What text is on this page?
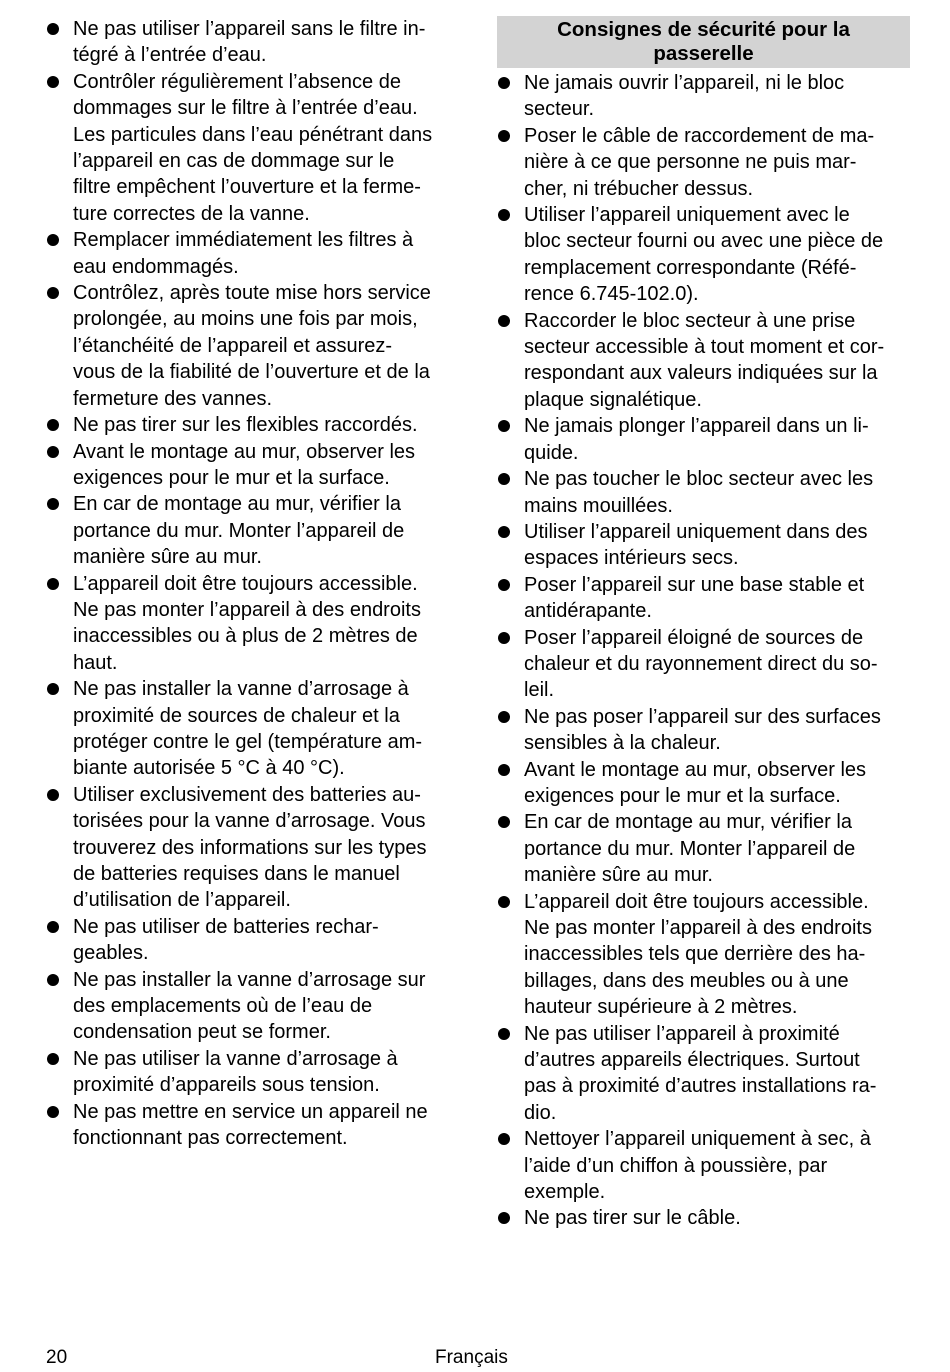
Ne pas utiliser l’appareil sans le filtre in-
tégré à l’entrée d’eau.
Contrôler régulièrement l’absence de
dommages sur le filtre à l’entrée d’eau.
Les particules dans l’eau pénétrant dans
l’appareil en cas de dommage sur le
filtre empêchent l’ouverture et la ferme-
ture correctes de la vanne.
Remplacer immédiatement les filtres à
eau endommagés.
Contrôlez, après toute mise hors service
prolongée, au moins une fois par mois,
l’étanchéité de l’appareil et assurez-
vous de la fiabilité de l’ouverture et de la
fermeture des vannes.
Ne pas tirer sur les flexibles raccordés.
Avant le montage au mur, observer les
exigences pour le mur et la surface.
En car de montage au mur, vérifier la
portance du mur. Monter l’appareil de
manière sûre au mur.
L’appareil doit être toujours accessible.
Ne pas monter l’appareil à des endroits
inaccessibles ou à plus de 2 mètres de
haut.
Ne pas installer la vanne d’arrosage à
proximité de sources de chaleur et la
protéger contre le gel (température am-
biante autorisée 5 °C à 40 °C).
Utiliser exclusivement des batteries au-
torisées pour la vanne d’arrosage. Vous
trouverez des informations sur les types
de batteries requises dans le manuel
d’utilisation de l’appareil.
Ne pas utiliser de batteries rechar-
geables.
Ne pas installer la vanne d’arrosage sur
des emplacements où de l’eau de
condensation peut se former.
Ne pas utiliser la vanne d’arrosage à
proximité d’appareils sous tension.
Ne pas mettre en service un appareil ne
fonctionnant pas correctement.
Consignes de sécurité pour la
passerelle
Ne jamais ouvrir l’appareil, ni le bloc
secteur.
Poser le câble de raccordement de ma-
nière à ce que personne ne puis mar-
cher, ni trébucher dessus.
Utiliser l’appareil uniquement avec le
bloc secteur fourni ou avec une pièce de
remplacement correspondante (Réfé-
rence 6.745-102.0).
Raccorder le bloc secteur à une prise
secteur accessible à tout moment et cor-
respondant aux valeurs indiquées sur la
plaque signalétique.
Ne jamais plonger l’appareil dans un li-
quide.
Ne pas toucher le bloc secteur avec les
mains mouillées.
Utiliser l’appareil uniquement dans des
espaces intérieurs secs.
Poser l’appareil sur une base stable et
antidérapante.
Poser l’appareil éloigné de sources de
chaleur et du rayonnement direct du so-
leil.
Ne pas poser l’appareil sur des surfaces
sensibles à la chaleur.
Avant le montage au mur, observer les
exigences pour le mur et la surface.
En car de montage au mur, vérifier la
portance du mur. Monter l’appareil de
manière sûre au mur.
L’appareil doit être toujours accessible.
Ne pas monter l’appareil à des endroits
inaccessibles tels que derrière des ha-
billages, dans des meubles ou à une
hauteur supérieure à 2 mètres.
Ne pas utiliser l’appareil à proximité
d’autres appareils électriques. Surtout
pas à proximité d’autres installations ra-
dio.
Nettoyer l’appareil uniquement à sec, à
l’aide d’un chiffon à poussière, par
exemple.
Ne pas tirer sur le câble.
20	Français
